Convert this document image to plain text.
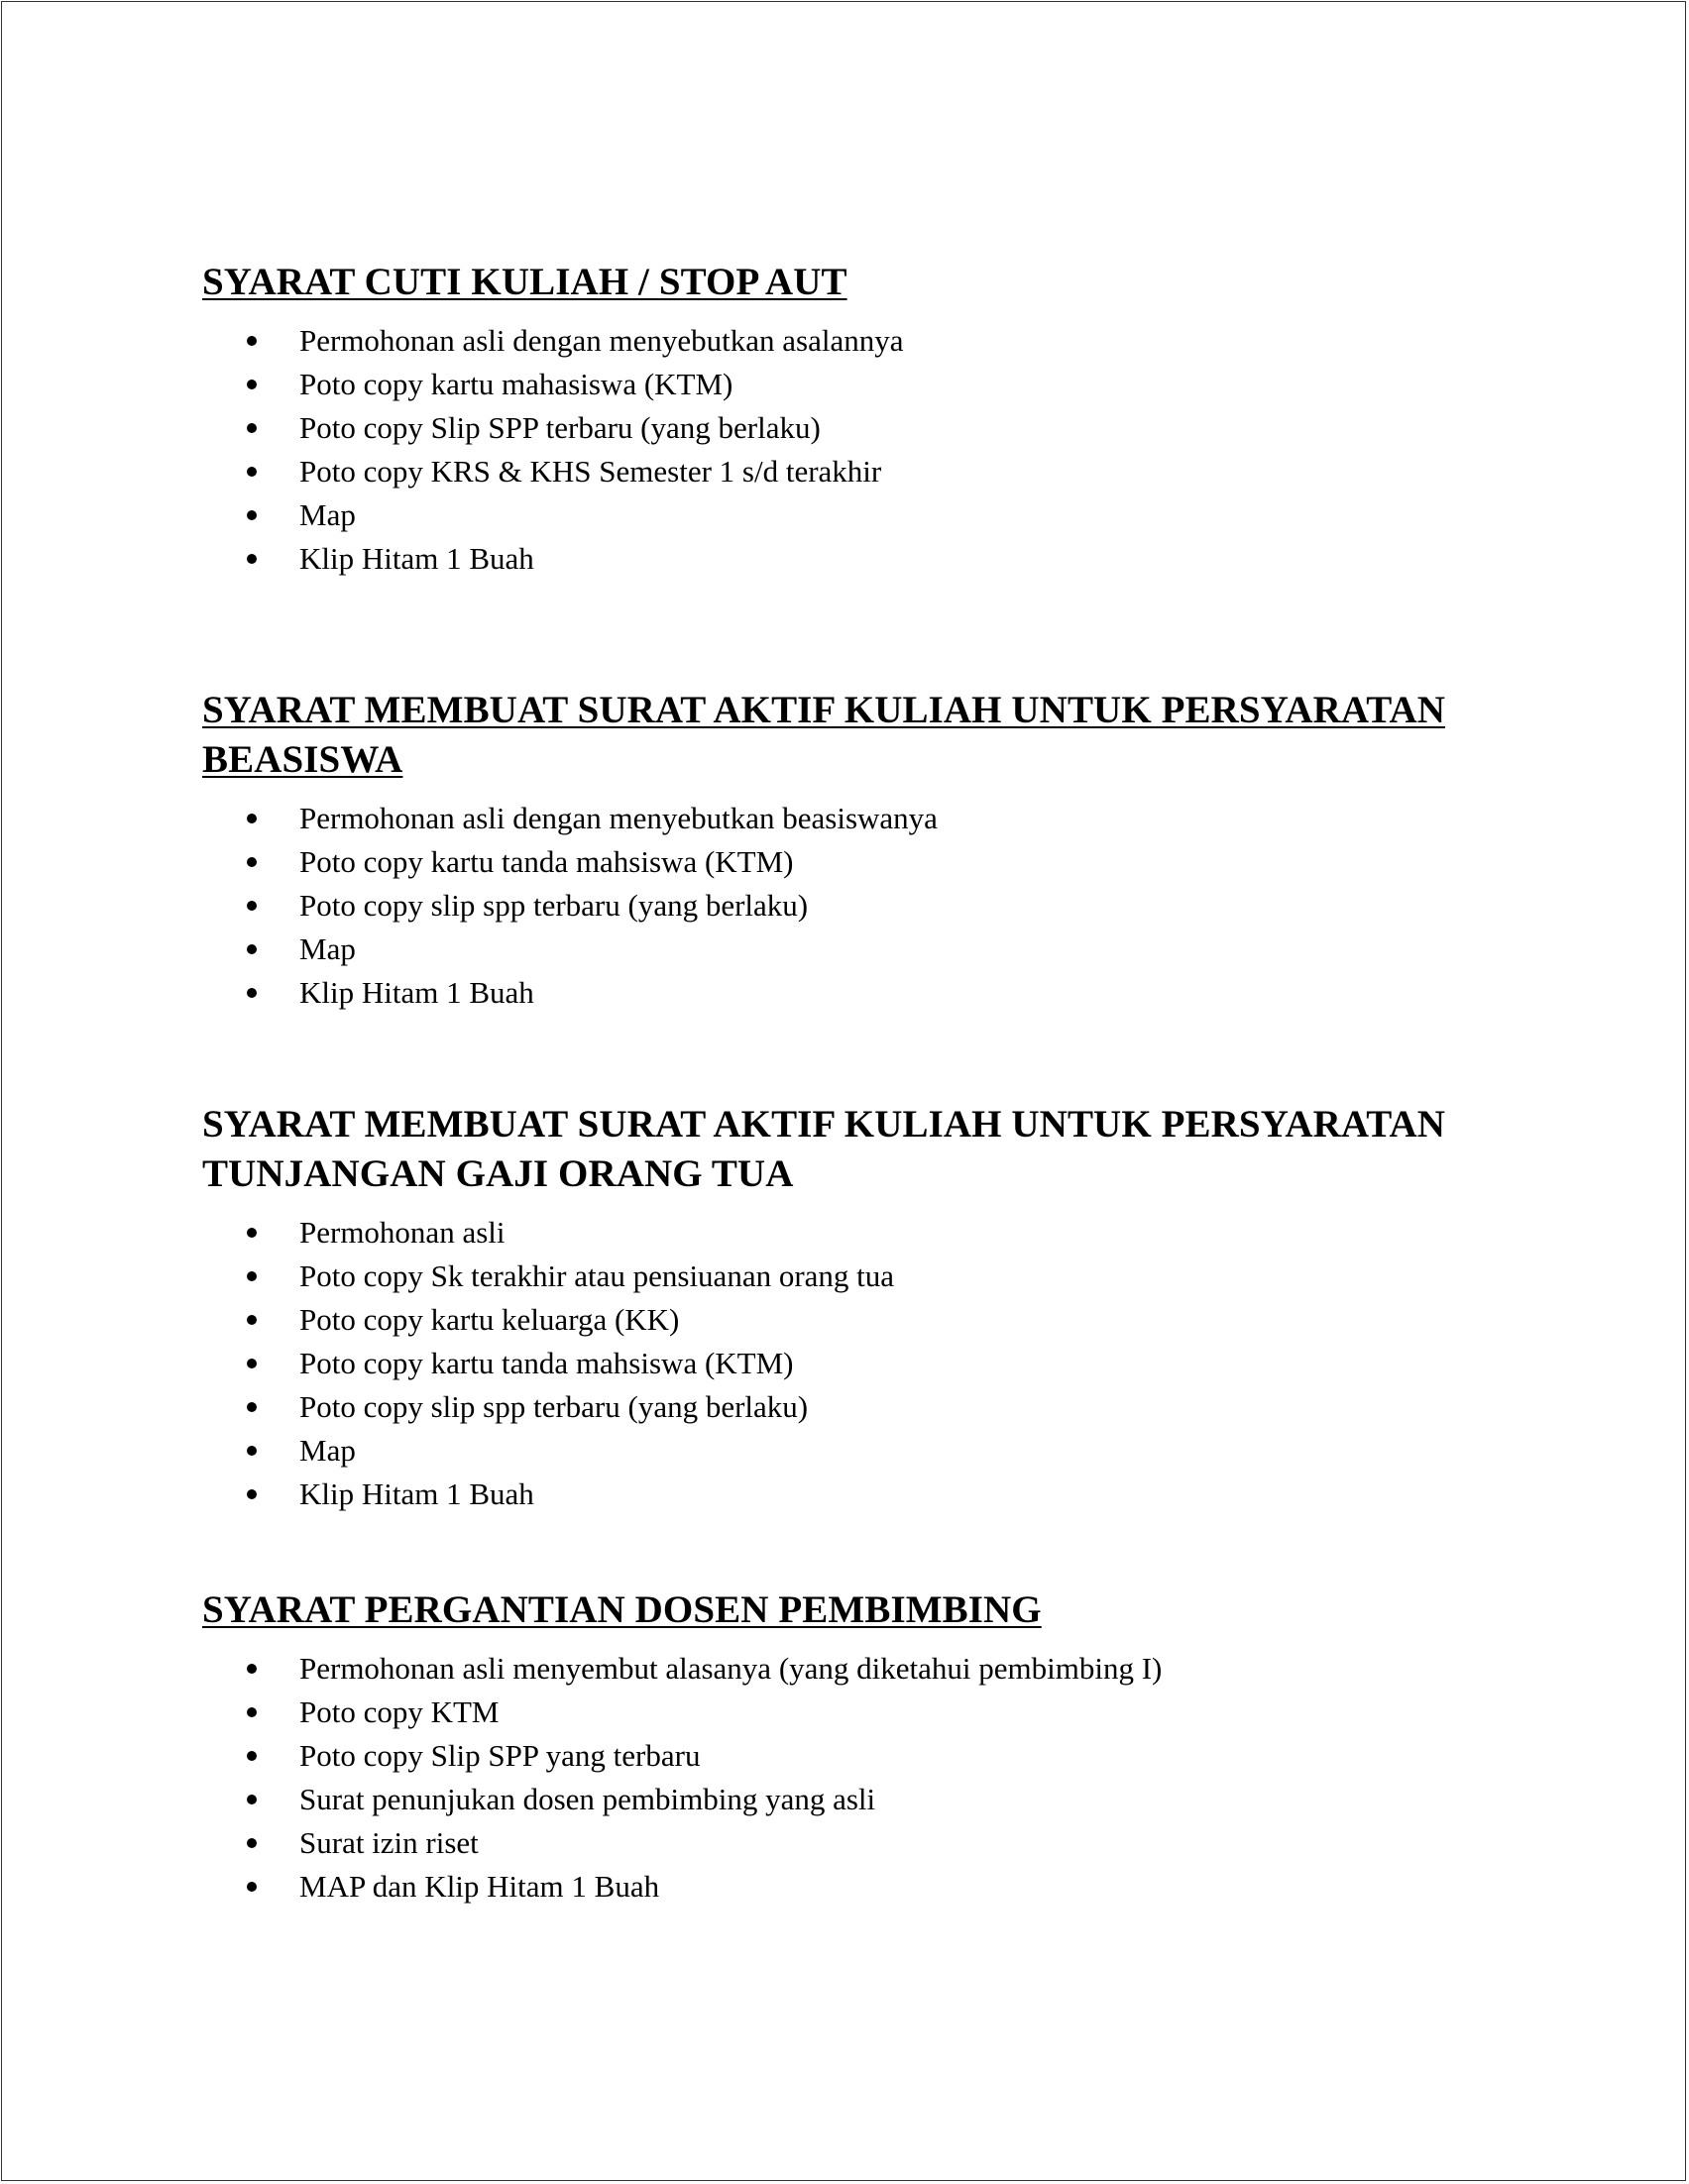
SYARAT CUTI KULIAH / STOP AUT
Permohonan asli dengan menyebutkan asalannya
Poto copy kartu mahasiswa (KTM)
Poto copy Slip SPP terbaru (yang berlaku)
Poto copy KRS & KHS Semester 1 s/d terakhir
Map
Klip Hitam 1 Buah
SYARAT MEMBUAT SURAT AKTIF KULIAH UNTUK PERSYARATAN
BEASISWA
Permohonan asli dengan menyebutkan beasiswanya
Poto copy kartu tanda mahsiswa (KTM)
Poto copy slip spp terbaru (yang berlaku)
Map
Klip Hitam 1 Buah
SYARAT MEMBUAT SURAT AKTIF KULIAH UNTUK PERSYARATAN
TUNJANGAN GAJI ORANG TUA
Permohonan asli
Poto copy Sk terakhir atau pensiuanan orang tua
Poto copy kartu keluarga (KK)
Poto copy kartu tanda mahsiswa (KTM)
Poto copy slip spp terbaru (yang berlaku)
Map
Klip Hitam 1 Buah
SYARAT PERGANTIAN DOSEN PEMBIMBING
Permohonan asli menyembut alasanya (yang diketahui pembimbing I)
Poto copy KTM
Poto copy Slip SPP yang terbaru
Surat penunjukan dosen pembimbing yang asli
Surat izin riset
MAP dan Klip Hitam 1 Buah
